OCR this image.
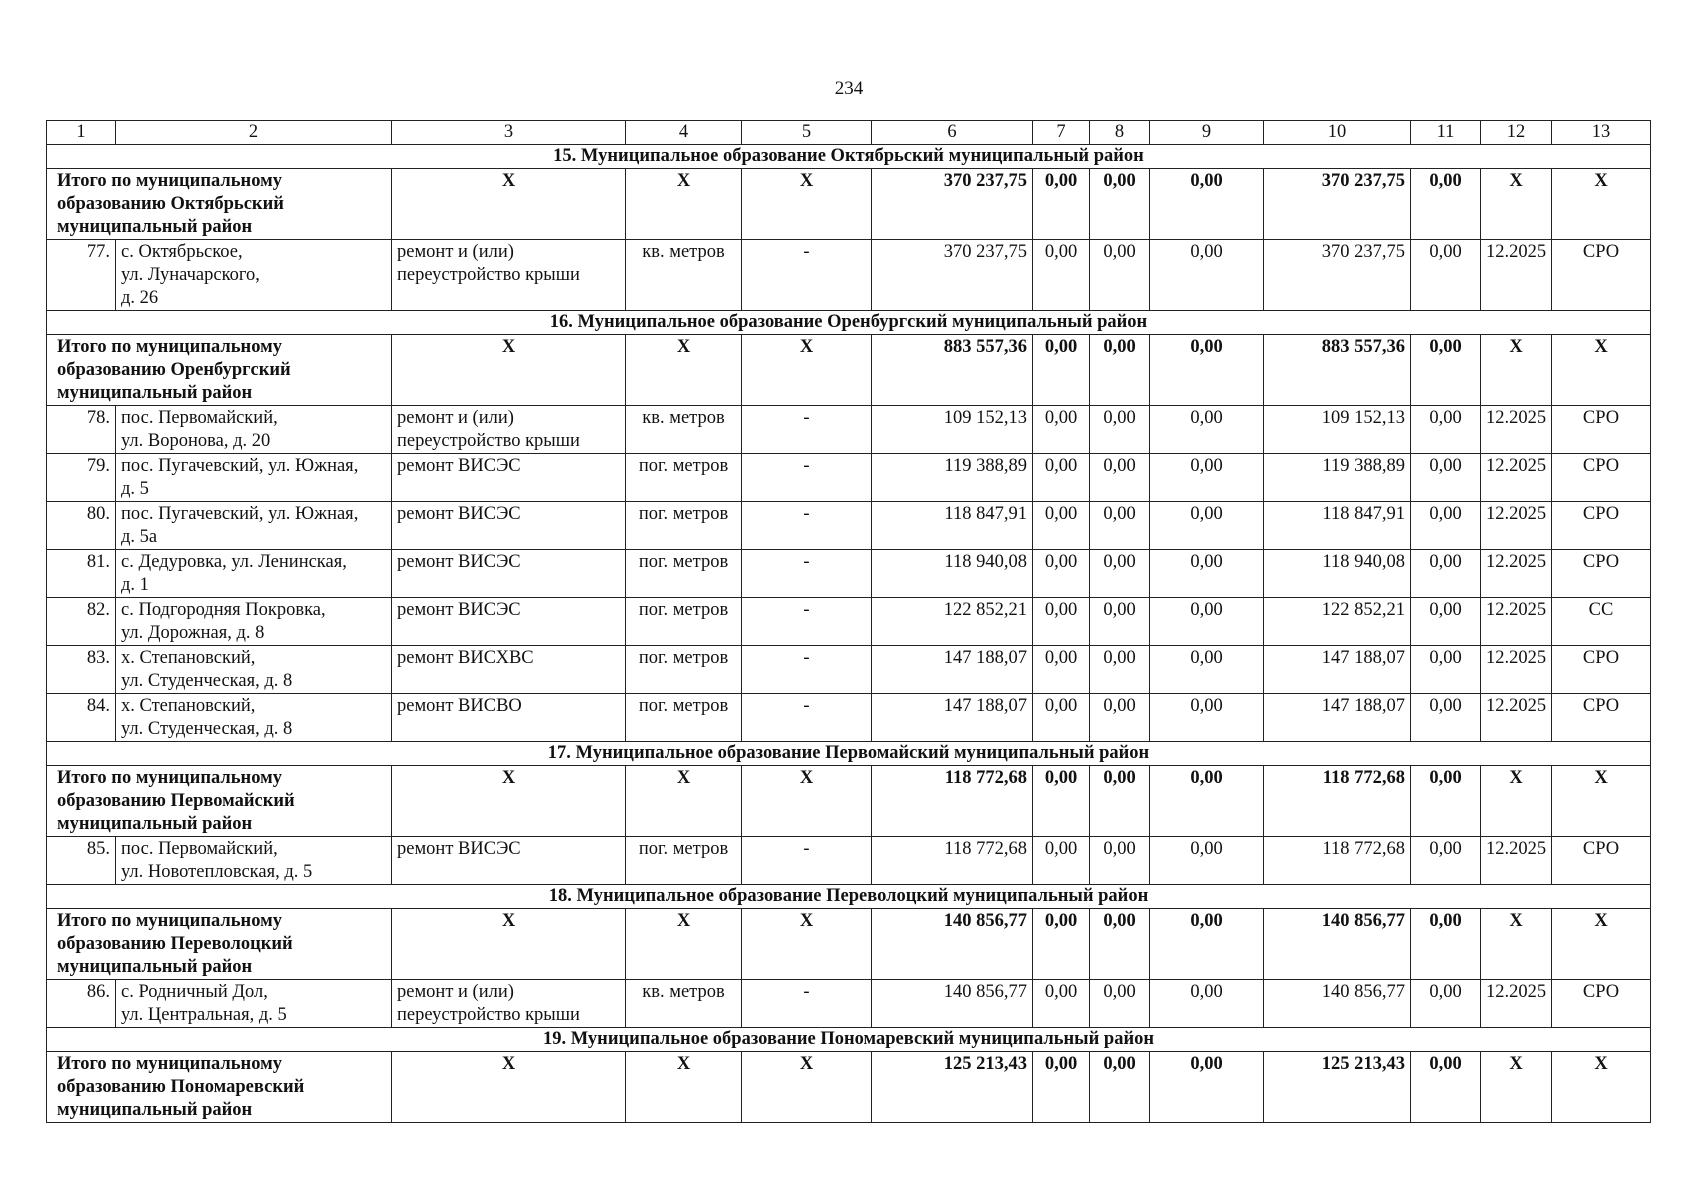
234
1	2	3	4	5	6	7	8	9	10	11	12	13
15. Муниципальное образование Октябрьский муниципальный район												

Итого по муниципальному
образованию Октябрьский
муниципальный район		X	X	X	370 237,75	0,00	0,00	0,00	370 237,75	0,00	X	X
77.	с. Октябрьское,
ул. Луначарского,
д. 26	ремонт и (или)
переустройство крыши	кв. метров	-	370 237,75	0,00	0,00	0,00	370 237,75	0,00	12.2025	СРО
16. Муниципальное образование Оренбургский муниципальный район												

Итого по муниципальному
образованию Оренбургский
муниципальный район		X	X	X	883 557,36	0,00	0,00	0,00	883 557,36	0,00	X	X
78.	пос. Первомайский,
ул. Воронова, д. 20	ремонт и (или)
переустройство крыши	кв. метров	-	109 152,13	0,00	0,00	0,00	109 152,13	0,00	12.2025	СРО
79.	пос. Пугачевский, ул. Южная,
д. 5	ремонт ВИСЭС	пог. метров	-	119 388,89	0,00	0,00	0,00	119 388,89	0,00	12.2025	СРО
80.	пос. Пугачевский, ул. Южная,
д. 5а	ремонт ВИСЭС	пог. метров	-	118 847,91	0,00	0,00	0,00	118 847,91	0,00	12.2025	СРО
81.	с. Дедуровка, ул. Ленинская,
д. 1	ремонт ВИСЭС	пог. метров	-	118 940,08	0,00	0,00	0,00	118 940,08	0,00	12.2025	СРО
82.	с. Подгородняя Покровка,
ул. Дорожная, д. 8	ремонт ВИСЭС	пог. метров	-	122 852,21	0,00	0,00	0,00	122 852,21	0,00	12.2025	СС
83.	х. Степановский,
ул. Студенческая, д. 8	ремонт ВИСХВС	пог. метров	-	147 188,07	0,00	0,00	0,00	147 188,07	0,00	12.2025	СРО
84.	х. Степановский,
ул. Студенческая, д. 8	ремонт ВИСВО	пог. метров	-	147 188,07	0,00	0,00	0,00	147 188,07	0,00	12.2025	СРО
17. Муниципальное образование Первомайский муниципальный район												

Итого по муниципальному
образованию Первомайский
муниципальный район		X	X	X	118 772,68	0,00	0,00	0,00	118 772,68	0,00	X	X
85.	пос. Первомайский,
ул. Новотепловская, д. 5	ремонт ВИСЭС	пог. метров	-	118 772,68	0,00	0,00	0,00	118 772,68	0,00	12.2025	СРО
18. Муниципальное образование Переволоцкий муниципальный район												

Итого по муниципальному
образованию Переволоцкий
муниципальный район		X	X	X	140 856,77	0,00	0,00	0,00	140 856,77	0,00	X	X
86.	с. Родничный Дол,
ул. Центральная, д. 5	ремонт и (или)
переустройство крыши	кв. метров	-	140 856,77	0,00	0,00	0,00	140 856,77	0,00	12.2025	СРО
19. Муниципальное образование Пономаревский муниципальный район												

Итого по муниципальному
образованию Пономаревский
муниципальный район		X	X	X	125 213,43	0,00	0,00	0,00	125 213,43	0,00	X	X
